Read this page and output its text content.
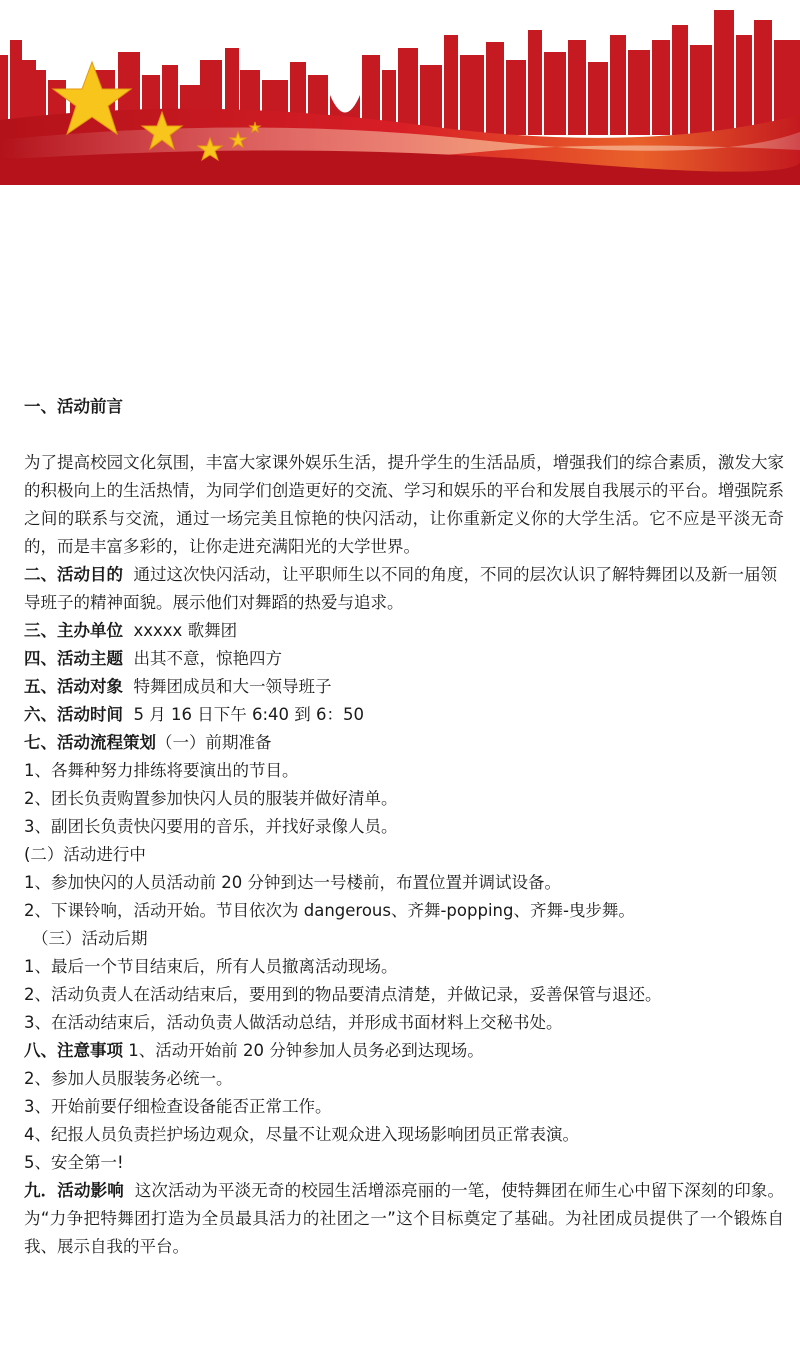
一、活动前言

为了提高校园文化氛围，丰富大家课外娱乐生活，提升学生的生活品质，增强我们的综合素质，激发大家的积极向上的生活热情，为同学们创造更好的交流、学习和娱乐的平台和发展自我展示的平台。增强院系之间的联系与交流，通过一场完美且惊艳的快闪活动，让你重新定义你的大学生活。它不应是平淡无奇的，而是丰富多彩的，让你走进充满阳光的大学世界。

二、活动目的 通过这次快闪活动，让平职师生以不同的角度，不同的层次认识了解特舞团以及新一届领导班子的精神面貌。展示他们对舞蹈的热爱与追求。

三、主办单位 xxxxx 歌舞团

四、活动主题 出其不意，惊艳四方

五、活动对象 特舞团成员和大一领导班子

六、活动时间 5 月 16 日下午 6:40 到 6：50

七、活动流程策划（一）前期准备

1、各舞种努力排练将要演出的节目。

2、团长负责购置参加快闪人员的服装并做好清单。

3、副团长负责快闪要用的音乐，并找好录像人员。

(二）活动进行中

1、参加快闪的人员活动前 20 分钟到达一号楼前，布置位置并调试设备。

2、下课铃响，活动开始。节目依次为 dangerous、齐舞-popping、齐舞-曳步舞。

（三）活动后期

1、最后一个节目结束后，所有人员撤离活动现场。

2、活动负责人在活动结束后，要用到的物品要清点清楚，并做记录，妥善保管与退还。

3、在活动结束后，活动负责人做活动总结，并形成书面材料上交秘书处。

八、注意事项 1、活动开始前 20 分钟参加人员务必到达现场。

2、参加人员服装务必统一。

3、开始前要仔细检查设备能否正常工作。

4、纪报人员负责拦护场边观众，尽量不让观众进入现场影响团员正常表演。

5、安全第一!

九．活动影响 这次活动为平淡无奇的校园生活增添亮丽的一笔，使特舞团在师生心中留下深刻的印象。为“力争把特舞团打造为全员最具活力的社团之一”这个目标奠定了基础。为社团成员提供了一个锻炼自我、展示自我的平台。
